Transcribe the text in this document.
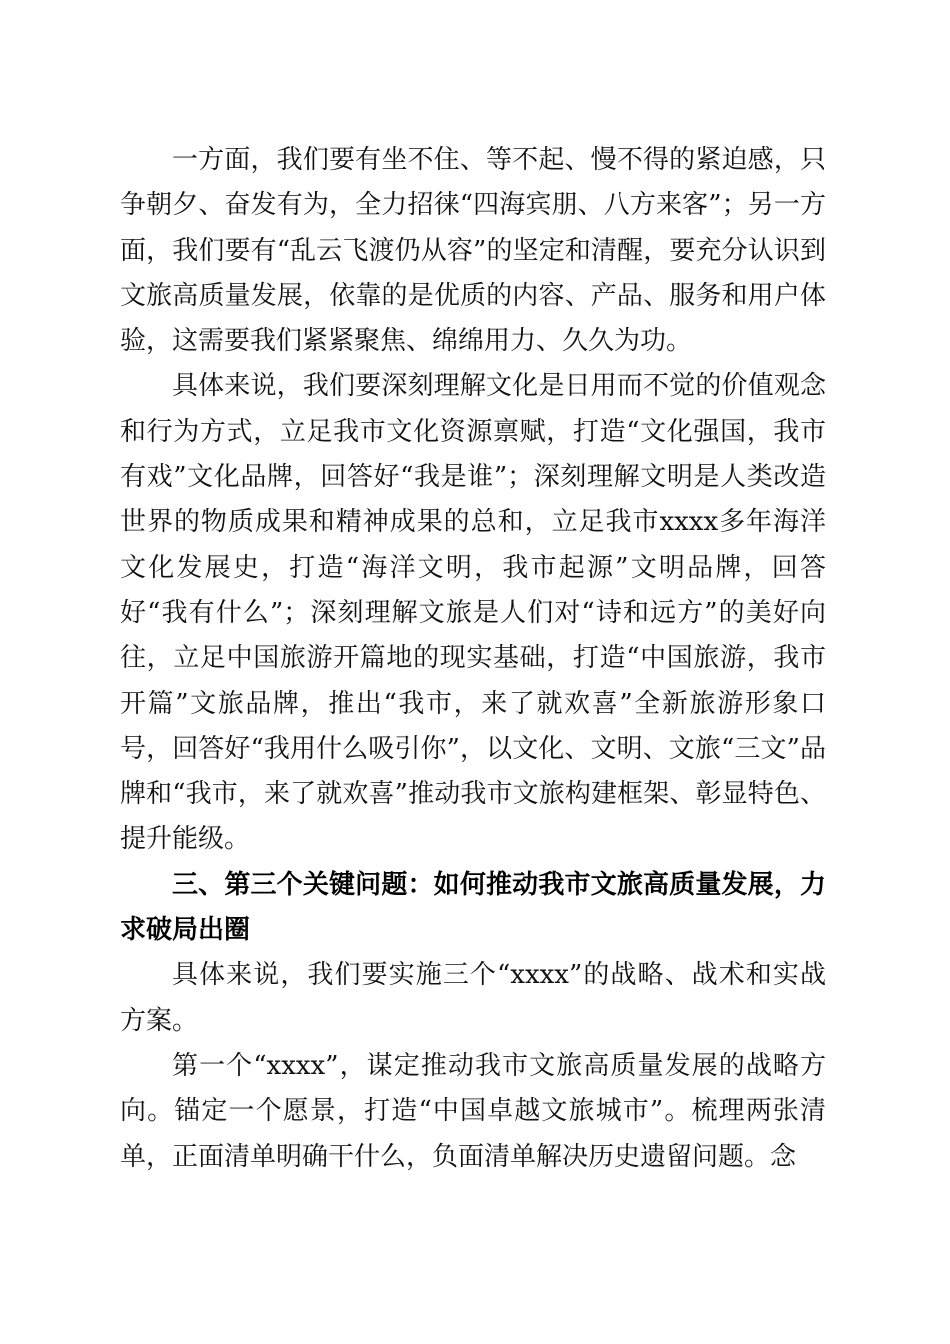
一方面，我们要有坐不住、等不起、慢不得的紧迫感，只争朝夕、奋发有为，全力招徕“四海宾朋、八方来客”；另一方面，我们要有“乱云飞渡仍从容”的坚定和清醒，要充分认识到文旅高质量发展，依靠的是优质的内容、产品、服务和用户体验，这需要我们紧紧聚焦、绵绵用力、久久为功。

具体来说，我们要深刻理解文化是日用而不觉的价值观念和行为方式，立足我市文化资源禀赋，打造“文化强国，我市有戏”文化品牌，回答好“我是谁”；深刻理解文明是人类改造世界的物质成果和精神成果的总和，立足我市xxxx多年海洋文化发展史，打造“海洋文明，我市起源”文明品牌，回答好“我有什么”；深刻理解文旅是人们对“诗和远方”的美好向往，立足中国旅游开篇地的现实基础，打造“中国旅游，我市开篇”文旅品牌，推出“我市，来了就欢喜”全新旅游形象口号，回答好“我用什么吸引你”，以文化、文明、文旅“三文”品牌和“我市，来了就欢喜”推动我市文旅构建框架、彰显特色、提升能级。

三、第三个关键问题：如何推动我市文旅高质量发展，力求破局出圈

具体来说，我们要实施三个“xxxx”的战略、战术和实战方案。

第一个“xxxx”，谋定推动我市文旅高质量发展的战略方向。锚定一个愿景，打造“中国卓越文旅城市”。梳理两张清单，正面清单明确干什么，负面清单解决历史遗留问题。念
